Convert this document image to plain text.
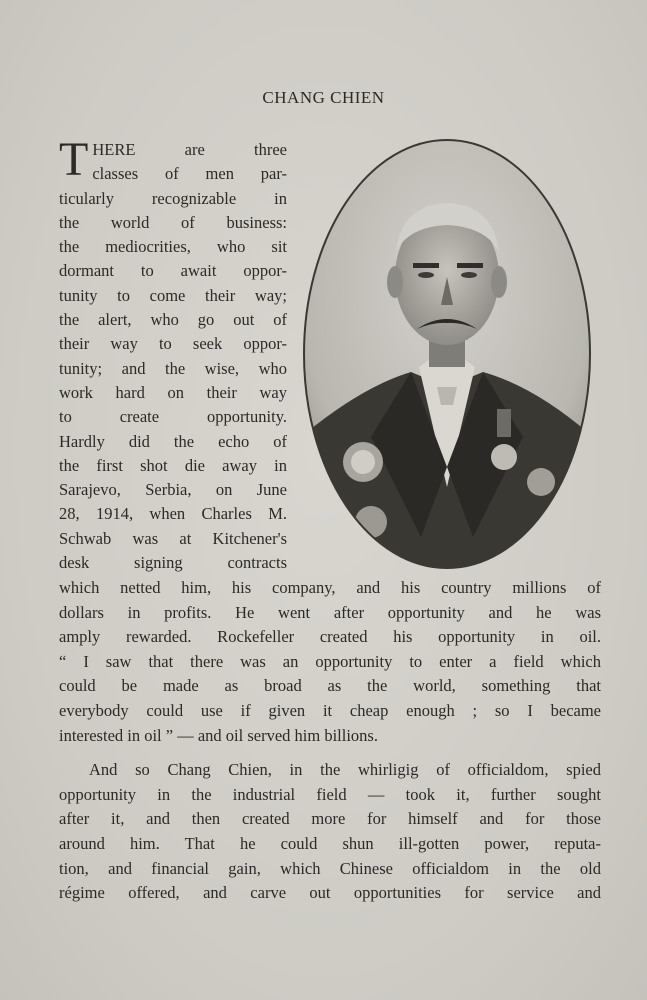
CHANG CHIEN
T HERE are three
classes of men par-
ticularly recognizable in
the world of business:
the mediocrities, who sit
dormant to await oppor-
tunity to come their way;
the alert, who go out of
their way to seek oppor-
tunity; and the wise, who
work hard on their way
to create opportunity.
Hardly did the echo of
the first shot die away in
Sarajevo, Serbia, on June
28, 1914, when Charles M.
Schwab was at Kitchener's
desk signing contracts
which netted him, his company, and his country millions of
dollars in profits. He went after opportunity and he was
amply rewarded. Rockefeller created his opportunity in oil.
“ I saw that there was an opportunity to enter a field which
could be made as broad as the world, something that
everybody could use if given it cheap enough ; so I became
interested in oil ” — and oil served him billions.
And so Chang Chien, in the whirligig of officialdom, spied
opportunity in the industrial field — took it, further sought
after it, and then created more for himself and for those
around him. That he could shun ill-gotten power, reputa-
tion, and financial gain, which Chinese officialdom in the old
régime offered, and carve out opportunities for service and
